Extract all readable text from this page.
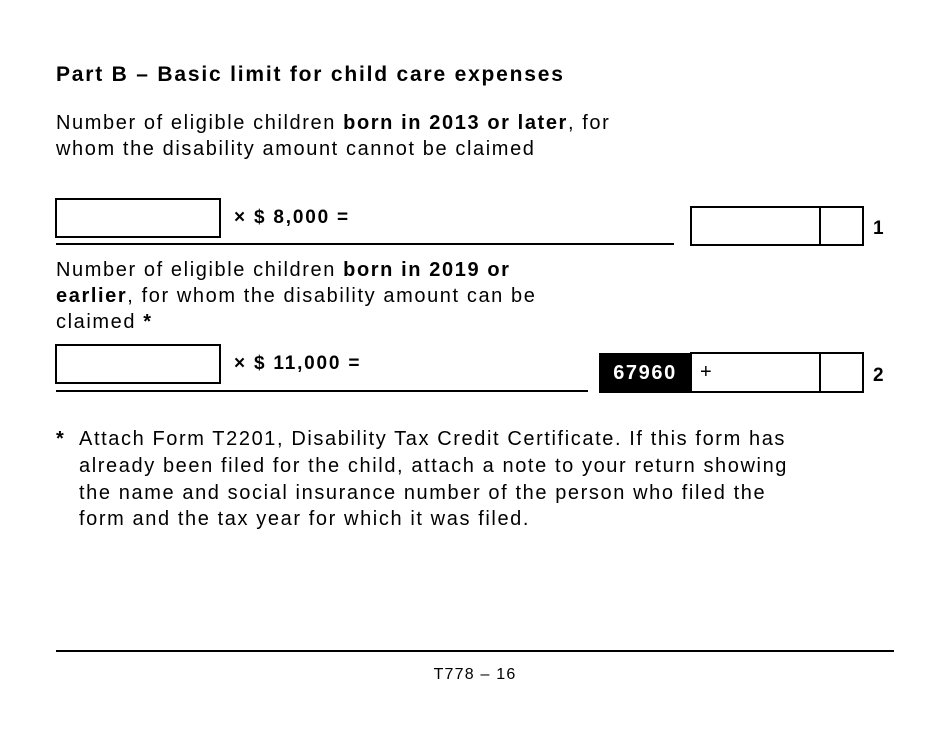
Part B – Basic limit for child care expenses
Number of eligible children born in 2013 or later, for
whom the disability amount cannot be claimed
× $ 8,000 =
1
Number of eligible children born in 2019 or
earlier, for whom the disability amount can be
claimed *
× $ 11,000 =	67960	+	2
* Attach Form T2201, Disability Tax Credit Certificate. If this form has
already been filed for the child, attach a note to your return showing
the name and social insurance number of the person who filed the
form and the tax year for which it was filed.
T778 – 16
